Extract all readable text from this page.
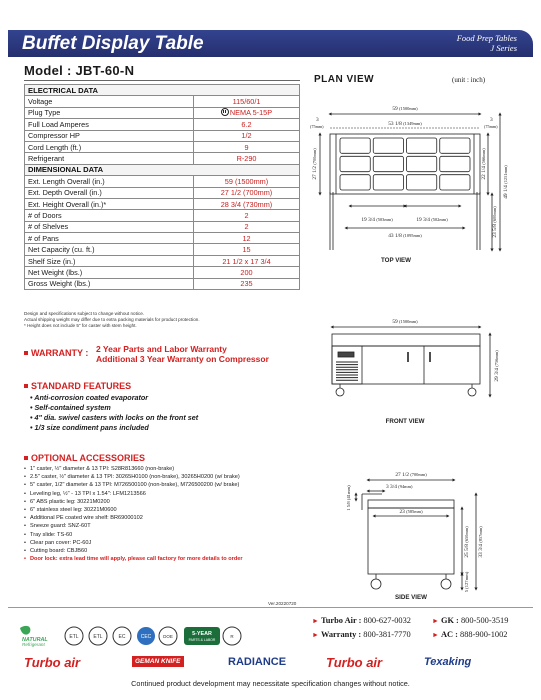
Buffet Display Table	Food Prep Tables
J Series
Model : JBT-60-N
ELECTRICAL DATA	
Voltage	115/60/1
Plug Type	NEMA 5-15P
Full Load Amperes	6.2
Compressor HP	1/2
Cord Length (ft.)	9
Refrigerant	R-290
DIMENSIONAL DATA	
Ext. Length Overall (in.)	59 (1500mm)
Ext. Depth Overall (in.)	27 1/2 (700mm)
Ext. Height Overall (in.)*	28 3/4 (730mm)
# of Doors	2
# of Shelves	2
# of Pans	12
Net Capacity (cu. ft.)	15
Shelf Size (in.)	21 1/2 x 17 3/4
Net Weight (lbs.)	200
Gross Weight (lbs.)	235
Design and specifications subject to change without notice.
Actual shipping weight may differ due to extra packing materials for product protection.
* Height does not include 5" for caster with stem height.
WARRANTY : 2 Year Parts and Labor Warranty
Additional 3 Year Warranty on Compressor
STANDARD FEATURES
• Anti-corrosion coated evaporator
• Self-contained system
• 4" dia. swivel casters with locks on the front set
• 1/3 size condiment pans included
OPTIONAL ACCESSORIES
• 1" caster, ½" diameter & 13 TPI: S28R813660 (non-brake)
• 2.5" caster, ½" diameter & 13 TPI: 30265H0100 (non-brake), 30265H0200 (w/ brake)
• 5" caster, 1/2" diameter & 13 TPI: M726500100 (non-brake), M726500200 (w/ brake)
• Leveling leg, ½" - 13 TPI x 1.54": LFM1213566
• 6" ABS plastic leg: 30221M0200
• 6" stainless steel leg: 30221M0600
• Additional PE coated wire shelf: BR69000102
• Sneeze guard: SNZ-60T
• Tray slide: TS-60
• Clear pan cover: PC-60J
• Cutting board: CBJB60
• Door lock: extra lead time will apply, please call factory for more details to order
PLAN VIEW	(unit : inch)
59 (1500mm)
3
(75mm)	53 1/8 (1349mm)
3
(75mm)
27 1/2 (700mm)
22 1/4 (566mm)
49 1/4 (1251mm)
23 5/8 (600mm)
19 3/4 (503mm)	19 3/4 (502mm)
43 1/8 (1095mm)
TOP VIEW
59 (1500mm)
29 3/4 (756mm)
FRONT VIEW
27 1/2 (700mm)
3 3/4 (94mm)
1 5/8 (41mm)
23 (585mm)
25 5/8 (650mm)
33 3/4 (857mm)
5 (127mm)
SIDE VIEW
Ver.20220720
NATURAL
Refrigerant
ETL	ETL	EC	CEC	DOE	5-YEAR
PARTS & LABOR
R
► Turbo Air : 800-627-0032	► GK : 800-500-3519
► Warranty : 800-381-7770	► AC : 888-900-1002
Turbo air	GEMAN KNIFE	RADIANCE	Turbo air	Texaking
Continued product development may necessitate specification changes without notice.
